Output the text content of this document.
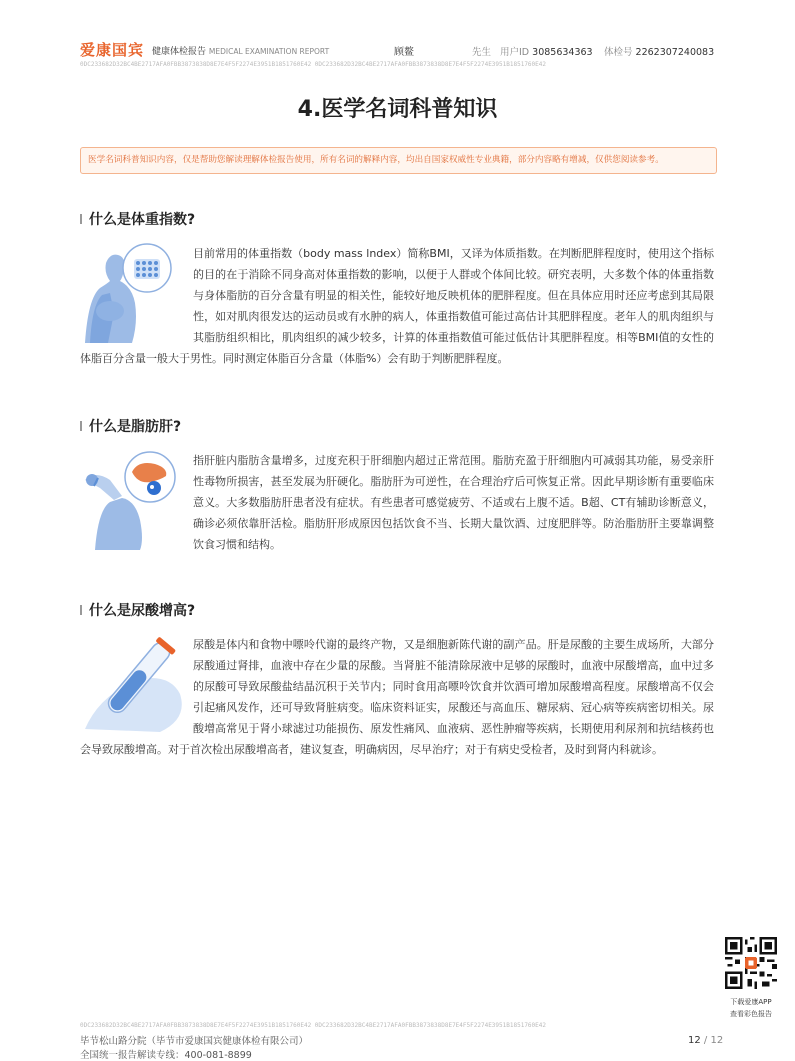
爱康国宾 健康体检报告 MEDICAL EXAMINATION REPORT	顾鳌	先生 用户ID 3085634363 体检号 2262307240083
0DC233682D32BC4BE2717AFA0FBB3873838D8E7E4F5F2274E3951B1851760E42 0DC233682D32BC4BE2717AFA0FBB3873838D8E7E4F5F2274E3951B1851760E42
4.医学名词科普知识
医学名词科普知识内容，仅是帮助您解读理解体检报告使用，所有名词的解释内容，均出自国家权威性专业典籍，部分内容略有增减，仅供您阅读参考。
什么是体重指数?
目前常用的体重指数（body mass lndex）简称BMI，又译为体质指数。在判断肥胖程度时，使用这个指标的目的在于消除不同身高对体重指数的影响，以便于人群或个体间比较。研究表明，大多数个体的体重指数与身体脂肪的百分含量有明显的相关性，能较好地反映机体的肥胖程度。但在具体应用时还应考虑到其局限性，如对肌肉很发达的运动员或有水肿的病人，体重指数值可能过高估计其肥胖程度。老年人的肌肉组织与其脂肪组织相比，肌肉组织的减少较多，计算的体重指数值可能过低估计其肥胖程度。相等BMI值的女性的体脂百分含量一般大于男性。同时测定体脂百分含量（体脂%）会有助于判断肥胖程度。
什么是脂肪肝?
指肝脏内脂肪含量增多，过度充积于肝细胞内超过正常范围。脂肪充盈于肝细胞内可减弱其功能，易受亲肝性毒物所损害，甚至发展为肝硬化。脂肪肝为可逆性，在合理治疗后可恢复正常。因此早期诊断有重要临床意义。大多数脂肪肝患者没有症状。有些患者可感觉疲劳、不适或右上腹不适。B超、CT有辅助诊断意义，确诊必须依靠肝活检。脂肪肝形成原因包括饮食不当、长期大量饮酒、过度肥胖等。防治脂肪肝主要靠调整饮食习惯和结构。
什么是尿酸增高?
尿酸是体内和食物中嘌呤代谢的最终产物，又是细胞新陈代谢的副产品。肝是尿酸的主要生成场所，大部分尿酸通过肾排，血液中存在少量的尿酸。当肾脏不能清除尿液中足够的尿酸时，血液中尿酸增高，血中过多的尿酸可导致尿酸盐结晶沉积于关节内；同时食用高嘌呤饮食并饮酒可增加尿酸增高程度。尿酸增高不仅会引起痛风发作，还可导致肾脏病变。临床资料证实，尿酸还与高血压、糖尿病、冠心病等疾病密切相关。尿酸增高常见于肾小球滤过功能损伤、原发性痛风、血液病、恶性肿瘤等疾病，长期使用利尿剂和抗结核药也会导致尿酸增高。对于首次检出尿酸增高者，建议复查，明确病因，尽早治疗；对于有病史受检者，及时到肾内科就诊。
下载爱康APP
查看彩色报告
0DC233682D32BC4BE2717AFA0FBB3873838D8E7E4F5F2274E3951B1851760E42 0DC233682D32BC4BE2717AFA0FBB3873838D8E7E4F5F2274E3951B1851760E42
毕节松山路分院（毕节市爱康国宾健康体检有限公司）
全国统一报告解读专线：400-081-8899
12 / 12
